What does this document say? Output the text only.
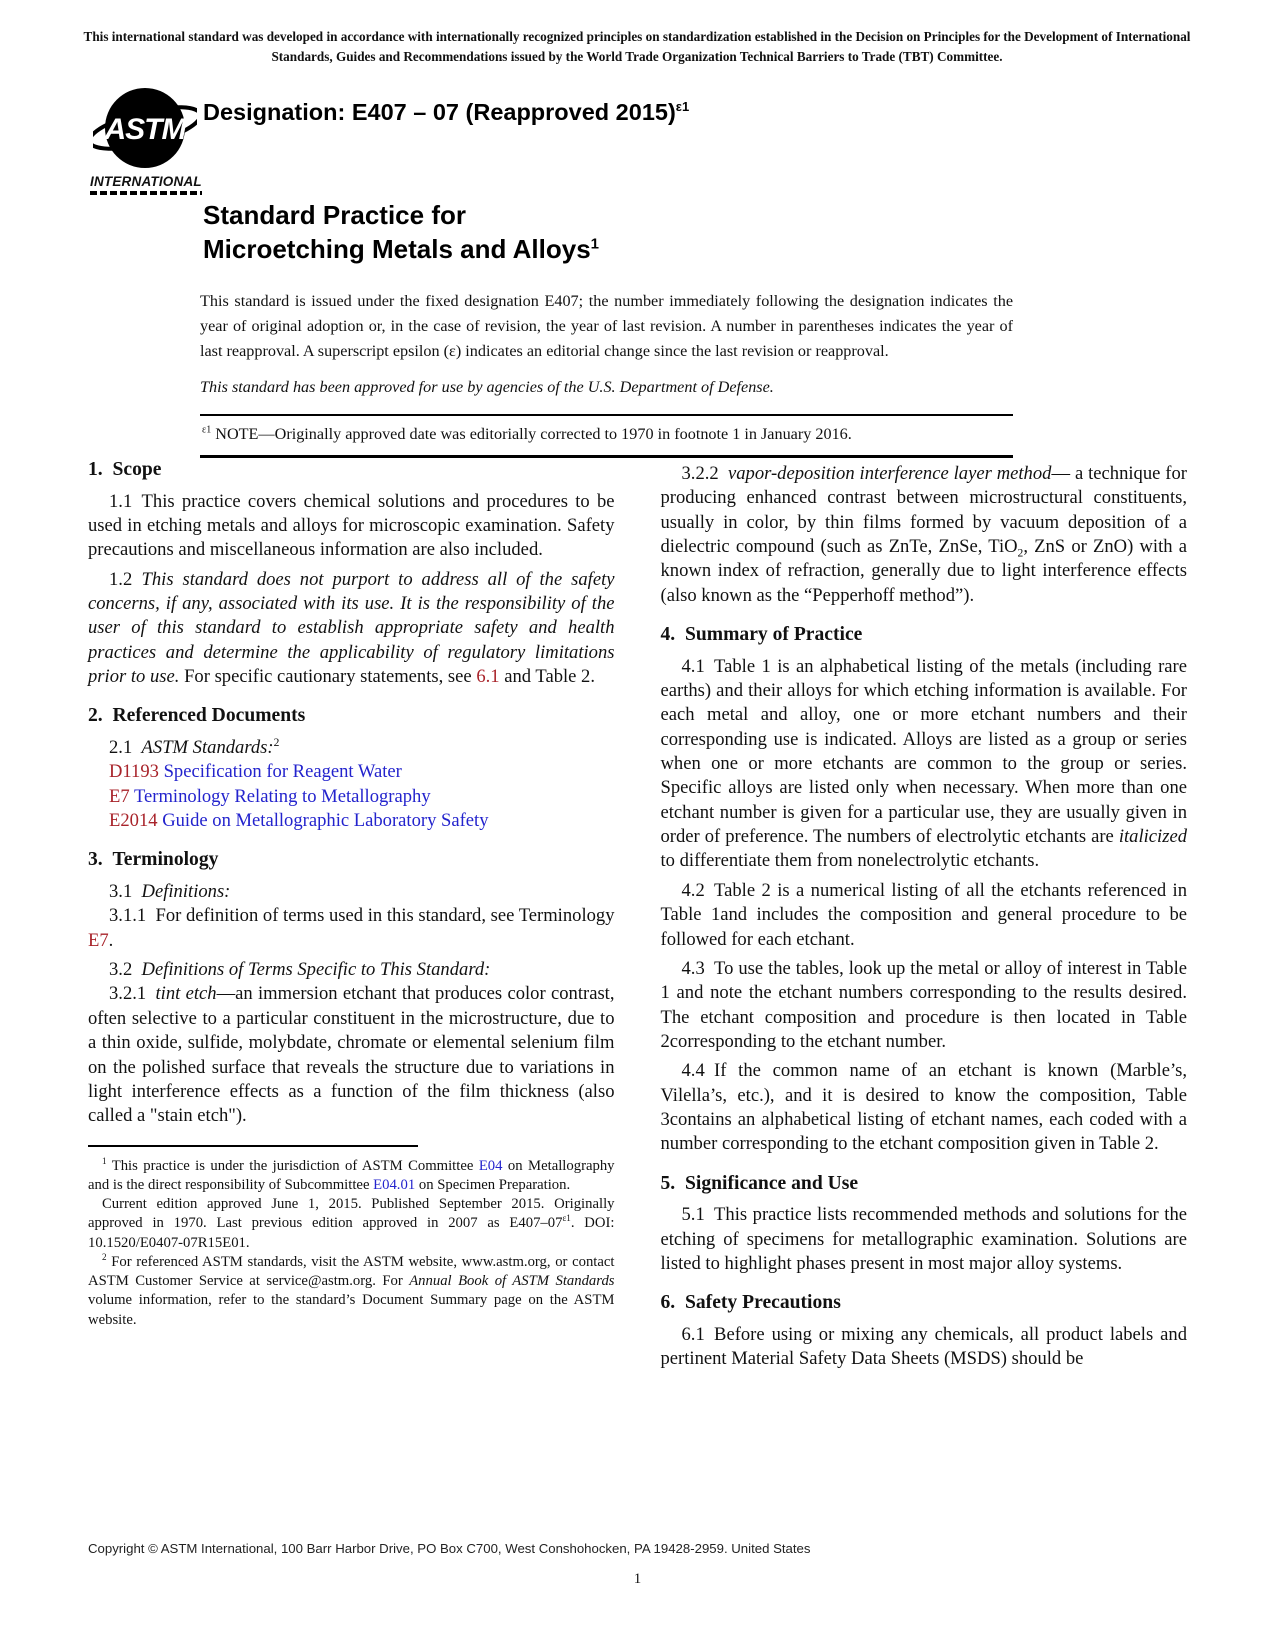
This international standard was developed in accordance with internationally recognized principles on standardization established in the Decision on Principles for the Development of International Standards, Guides and Recommendations issued by the World Trade Organization Technical Barriers to Trade (TBT) Committee.
ASTM
INTERNATIONAL
Designation: E407 – 07 (Reapproved 2015)$^{\varepsilon 1}$
Standard Practice for
Microetching Metals and Alloys$^1$

This standard is issued under the fixed designation E407; the number immediately following the designation indicates the year of original adoption or, in the case of revision, the year of last revision. A number in parentheses indicates the year of last reapproval. A superscript epsilon (ε) indicates an editorial change since the last revision or reapproval.

This standard has been approved for use by agencies of the U.S. Department of Defense.

$^{\varepsilon 1}$ NOTE—Originally approved date was editorially corrected to 1970 in footnote 1 in January 2016.

1. Scope

1.1 This practice covers chemical solutions and procedures to be used in etching metals and alloys for microscopic examination. Safety precautions and miscellaneous information are also included.

1.2 This standard does not purport to address all of the safety concerns, if any, associated with its use. It is the responsibility of the user of this standard to establish appropriate safety and health practices and determine the applicability of regulatory limitations prior to use. For specific cautionary statements, see 6.1 and Table 2.

2. Referenced Documents

2.1 ASTM Standards:$^2$

D1193 Specification for Reagent Water

E7 Terminology Relating to Metallography

E2014 Guide on Metallographic Laboratory Safety

3. Terminology

3.1 Definitions:

3.1.1 For definition of terms used in this standard, see Terminology E7.

3.2 Definitions of Terms Specific to This Standard:

3.2.1 tint etch—an immersion etchant that produces color contrast, often selective to a particular constituent in the microstructure, due to a thin oxide, sulfide, molybdate, chromate or elemental selenium film on the polished surface that reveals the structure due to variations in light interference effects as a function of the film thickness (also called a "stain etch").

$^1$ This practice is under the jurisdiction of ASTM Committee E04 on Metallography and is the direct responsibility of Subcommittee E04.01 on Specimen Preparation.

Current edition approved June 1, 2015. Published September 2015. Originally approved in 1970. Last previous edition approved in 2007 as $E407-07^{\varepsilon 1}$. DOI: 10.1520/E0407-07R15E01.

$^2$ For referenced ASTM standards, visit the ASTM website, www.astm.org, or contact ASTM Customer Service at service@astm.org. For Annual Book of ASTM Standards volume information, refer to the standard’s Document Summary page on the ASTM website.

3.2.2 vapor-deposition interference layer method— a technique for producing enhanced contrast between microstructural constituents, usually in color, by thin films formed by vacuum deposition of a dielectric compound (such as ZnTe, ZnSe, TiO$_2$, ZnS or ZnO) with a known index of refraction, generally due to light interference effects (also known as the “Pepperhoff method”).

4. Summary of Practice

4.1 Table 1 is an alphabetical listing of the metals (including rare earths) and their alloys for which etching information is available. For each metal and alloy, one or more etchant numbers and their corresponding use is indicated. Alloys are listed as a group or series when one or more etchants are common to the group or series. Specific alloys are listed only when necessary. When more than one etchant number is given for a particular use, they are usually given in order of preference. The numbers of electrolytic etchants are italicized to differentiate them from nonelectrolytic etchants.

4.2 Table 2 is a numerical listing of all the etchants referenced in Table 1and includes the composition and general procedure to be followed for each etchant.

4.3 To use the tables, look up the metal or alloy of interest in Table 1 and note the etchant numbers corresponding to the results desired. The etchant composition and procedure is then located in Table 2corresponding to the etchant number.

4.4 If the common name of an etchant is known (Marble’s, Vilella’s, etc.), and it is desired to know the composition, Table 3contains an alphabetical listing of etchant names, each coded with a number corresponding to the etchant composition given in Table 2.

5. Significance and Use

5.1 This practice lists recommended methods and solutions for the etching of specimens for metallographic examination. Solutions are listed to highlight phases present in most major alloy systems.

6. Safety Precautions

6.1 Before using or mixing any chemicals, all product labels and pertinent Material Safety Data Sheets (MSDS) should be

Copyright © ASTM International, 100 Barr Harbor Drive, PO Box C700, West Conshohocken, PA 19428-2959. United States
1
